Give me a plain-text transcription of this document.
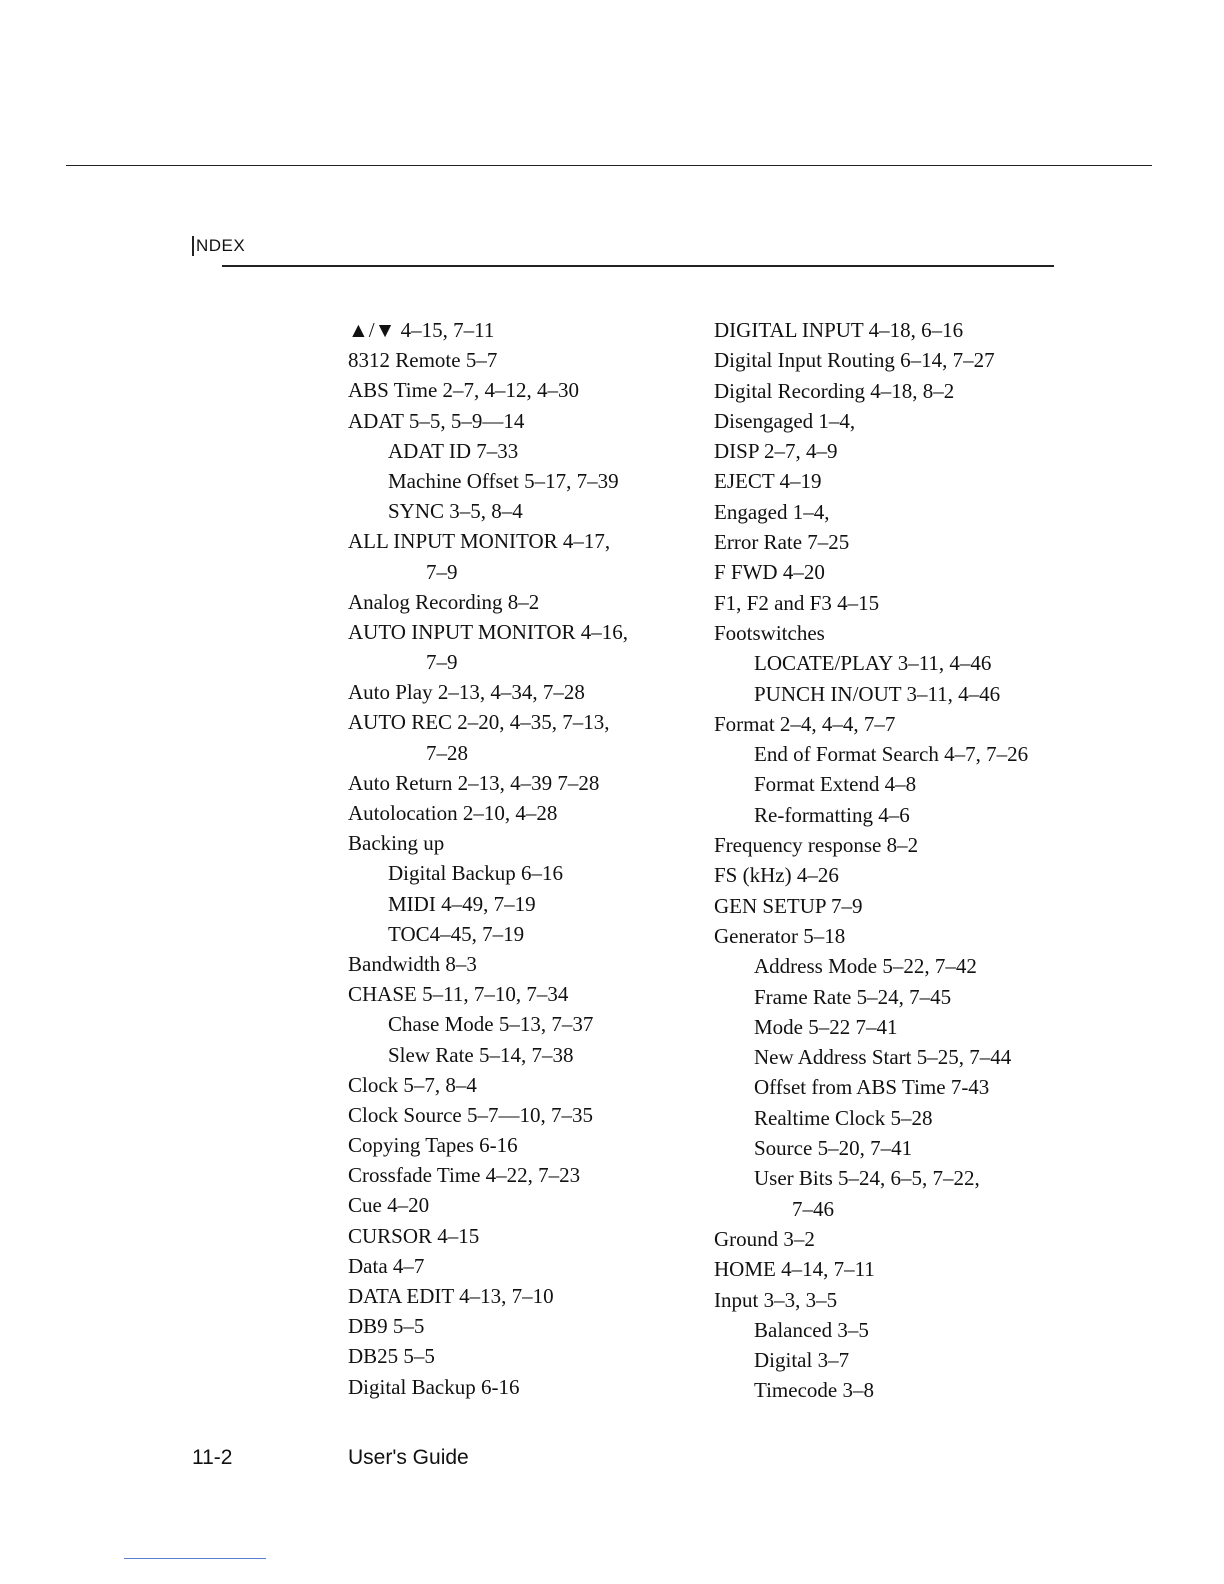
NDEX
▲/▼ 4–15, 7–11
8312 Remote 5–7
ABS Time 2–7, 4–12, 4–30
ADAT 5–5, 5–9—14
ADAT ID 7–33
Machine Offset 5–17, 7–39
SYNC 3–5, 8–4
ALL INPUT MONITOR 4–17,
7–9
Analog Recording 8–2
AUTO INPUT MONITOR 4–16,
7–9
Auto Play 2–13, 4–34, 7–28
AUTO REC 2–20, 4–35, 7–13,
7–28
Auto Return 2–13, 4–39 7–28
Autolocation 2–10, 4–28
Backing up
Digital Backup 6–16
MIDI 4–49, 7–19
TOC4–45, 7–19
Bandwidth 8–3
CHASE 5–11, 7–10, 7–34
Chase Mode 5–13, 7–37
Slew Rate 5–14, 7–38
Clock 5–7, 8–4
Clock Source 5–7—10, 7–35
Copying Tapes 6-16
Crossfade Time 4–22, 7–23
Cue 4–20
CURSOR 4–15
Data 4–7
DATA EDIT 4–13, 7–10
DB9 5–5
DB25 5–5
Digital Backup 6-16
DIGITAL INPUT 4–18, 6–16
Digital Input Routing 6–14, 7–27
Digital Recording 4–18, 8–2
Disengaged 1–4,
DISP 2–7, 4–9
EJECT 4–19
Engaged 1–4,
Error Rate 7–25
F FWD 4–20
F1, F2 and F3 4–15
Footswitches
LOCATE/PLAY 3–11, 4–46
PUNCH IN/OUT 3–11, 4–46
Format 2–4, 4–4, 7–7
End of Format Search 4–7, 7–26
Format Extend 4–8
Re-formatting 4–6
Frequency response 8–2
FS (kHz) 4–26
GEN SETUP 7–9
Generator 5–18
Address Mode 5–22, 7–42
Frame Rate 5–24, 7–45
Mode 5–22 7–41
New Address Start 5–25, 7–44
Offset from ABS Time 7-43
Realtime Clock 5–28
Source 5–20, 7–41
User Bits 5–24, 6–5, 7–22,
7–46
Ground 3–2
HOME 4–14, 7–11
Input 3–3, 3–5
Balanced 3–5
Digital 3–7
Timecode 3–8
11-2	User's Guide
